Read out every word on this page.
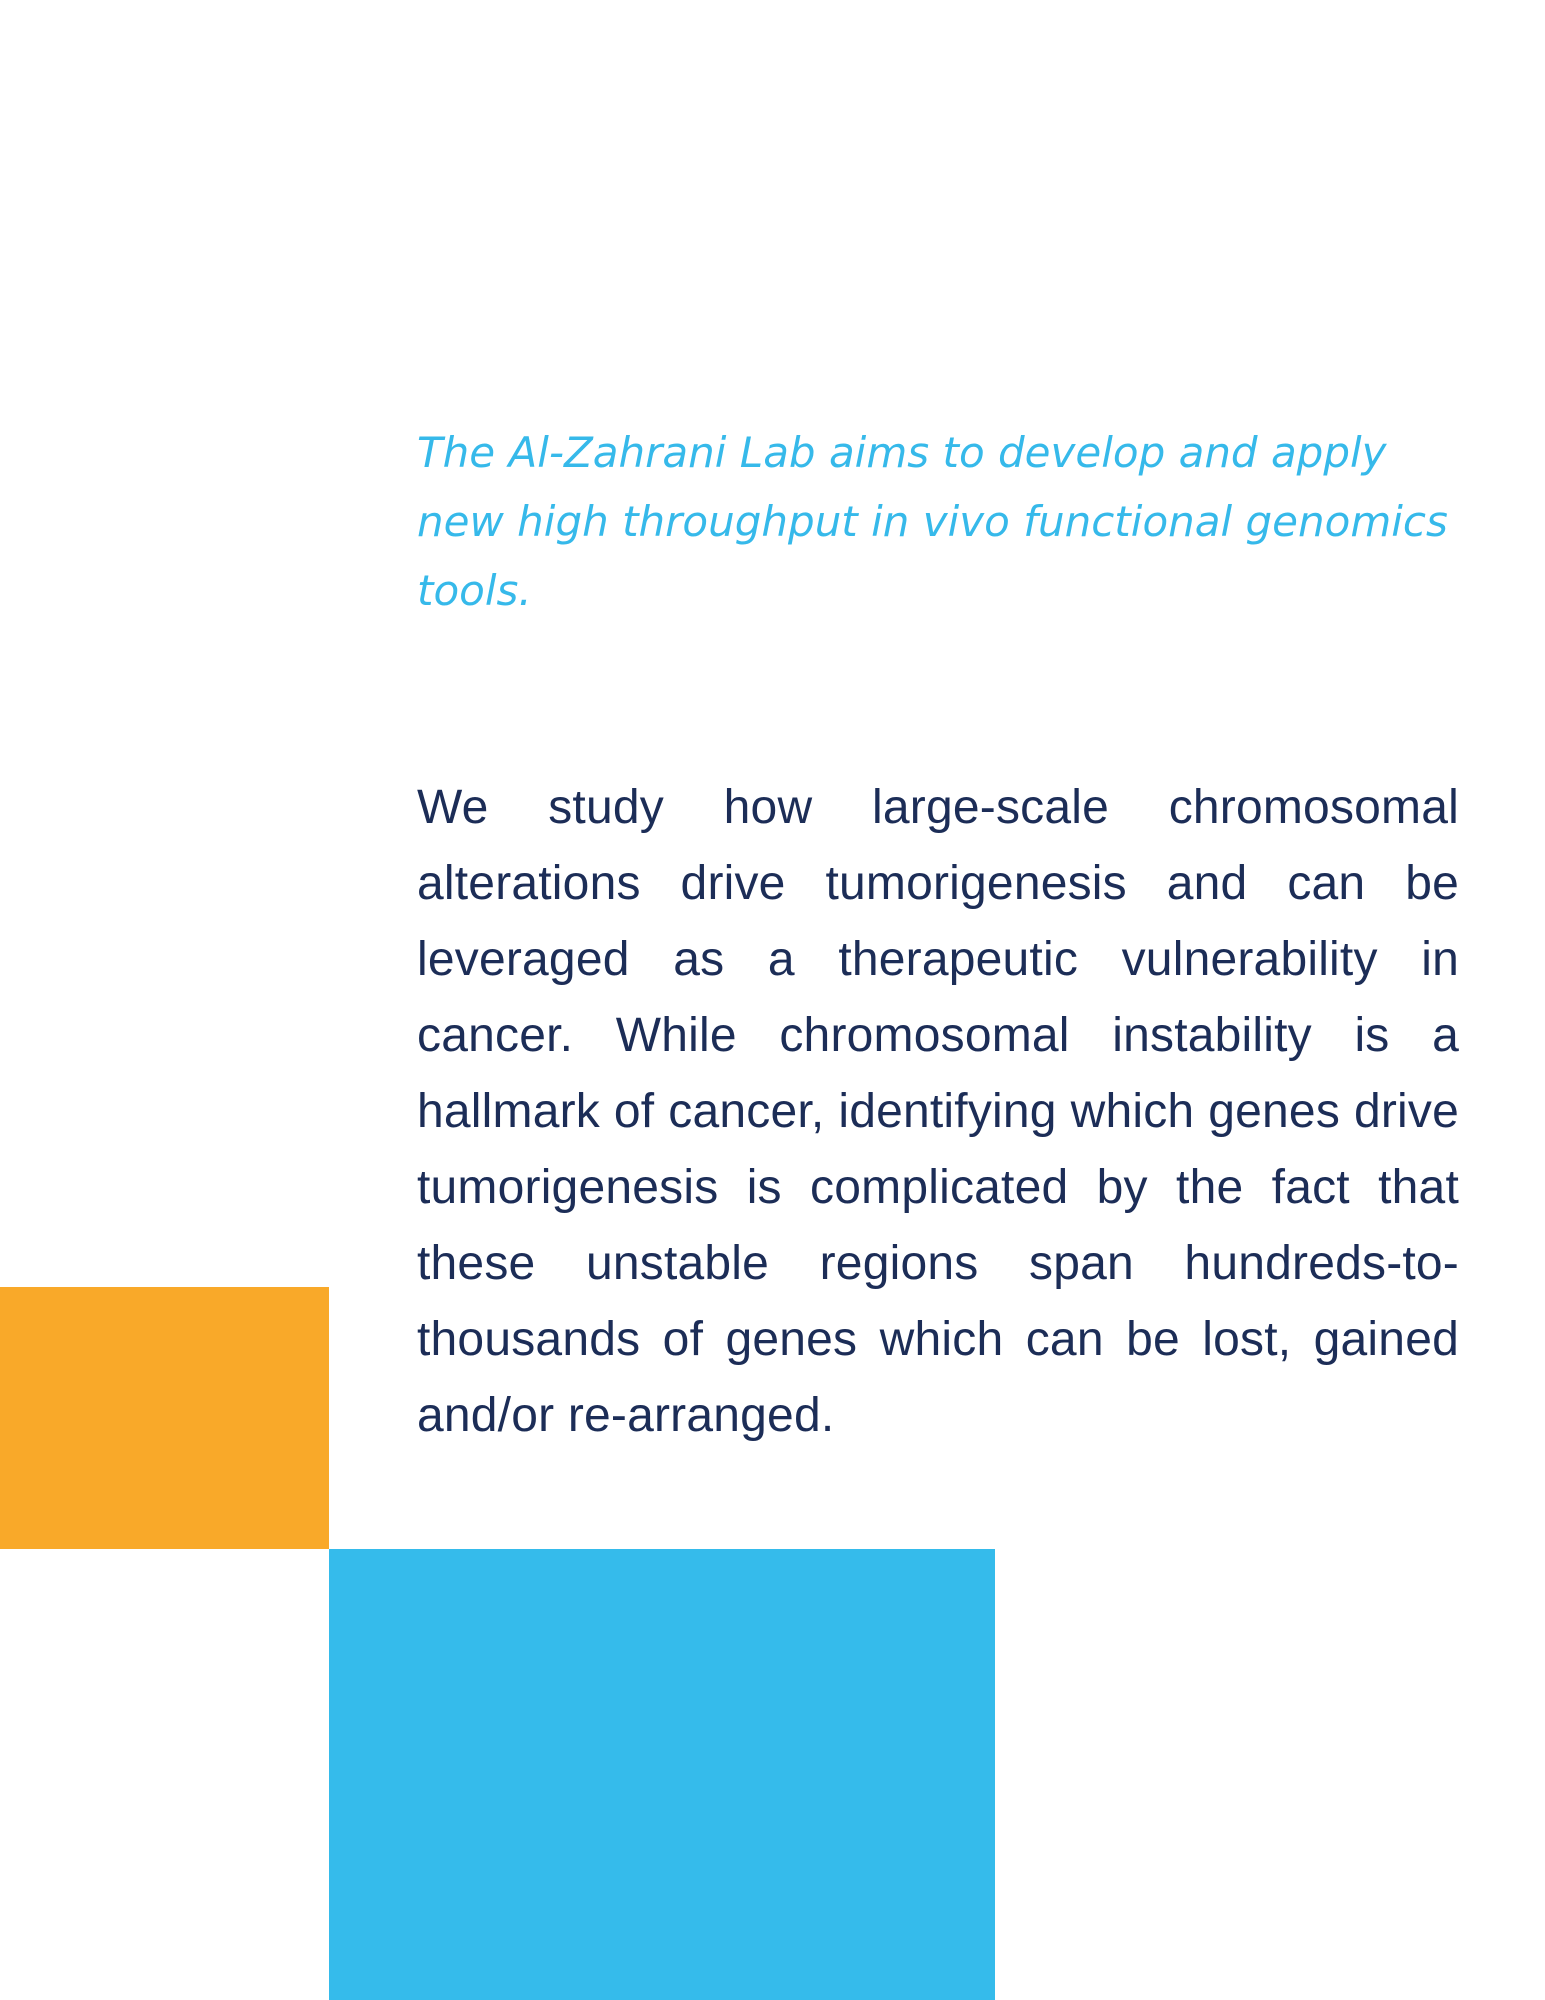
The Al-Zahrani Lab aims to develop and apply new high throughput in vivo functional genomics tools.

We study how large-scale chromosomal alterations drive tumorigenesis and can be leveraged as a therapeutic vulnerability in cancer. While chromosomal instability is a hallmark of cancer, identifying which genes drive tumorigenesis is complicated by the fact that these unstable regions span hundreds-to-thousands of genes which can be lost, gained and/or re-arranged.
